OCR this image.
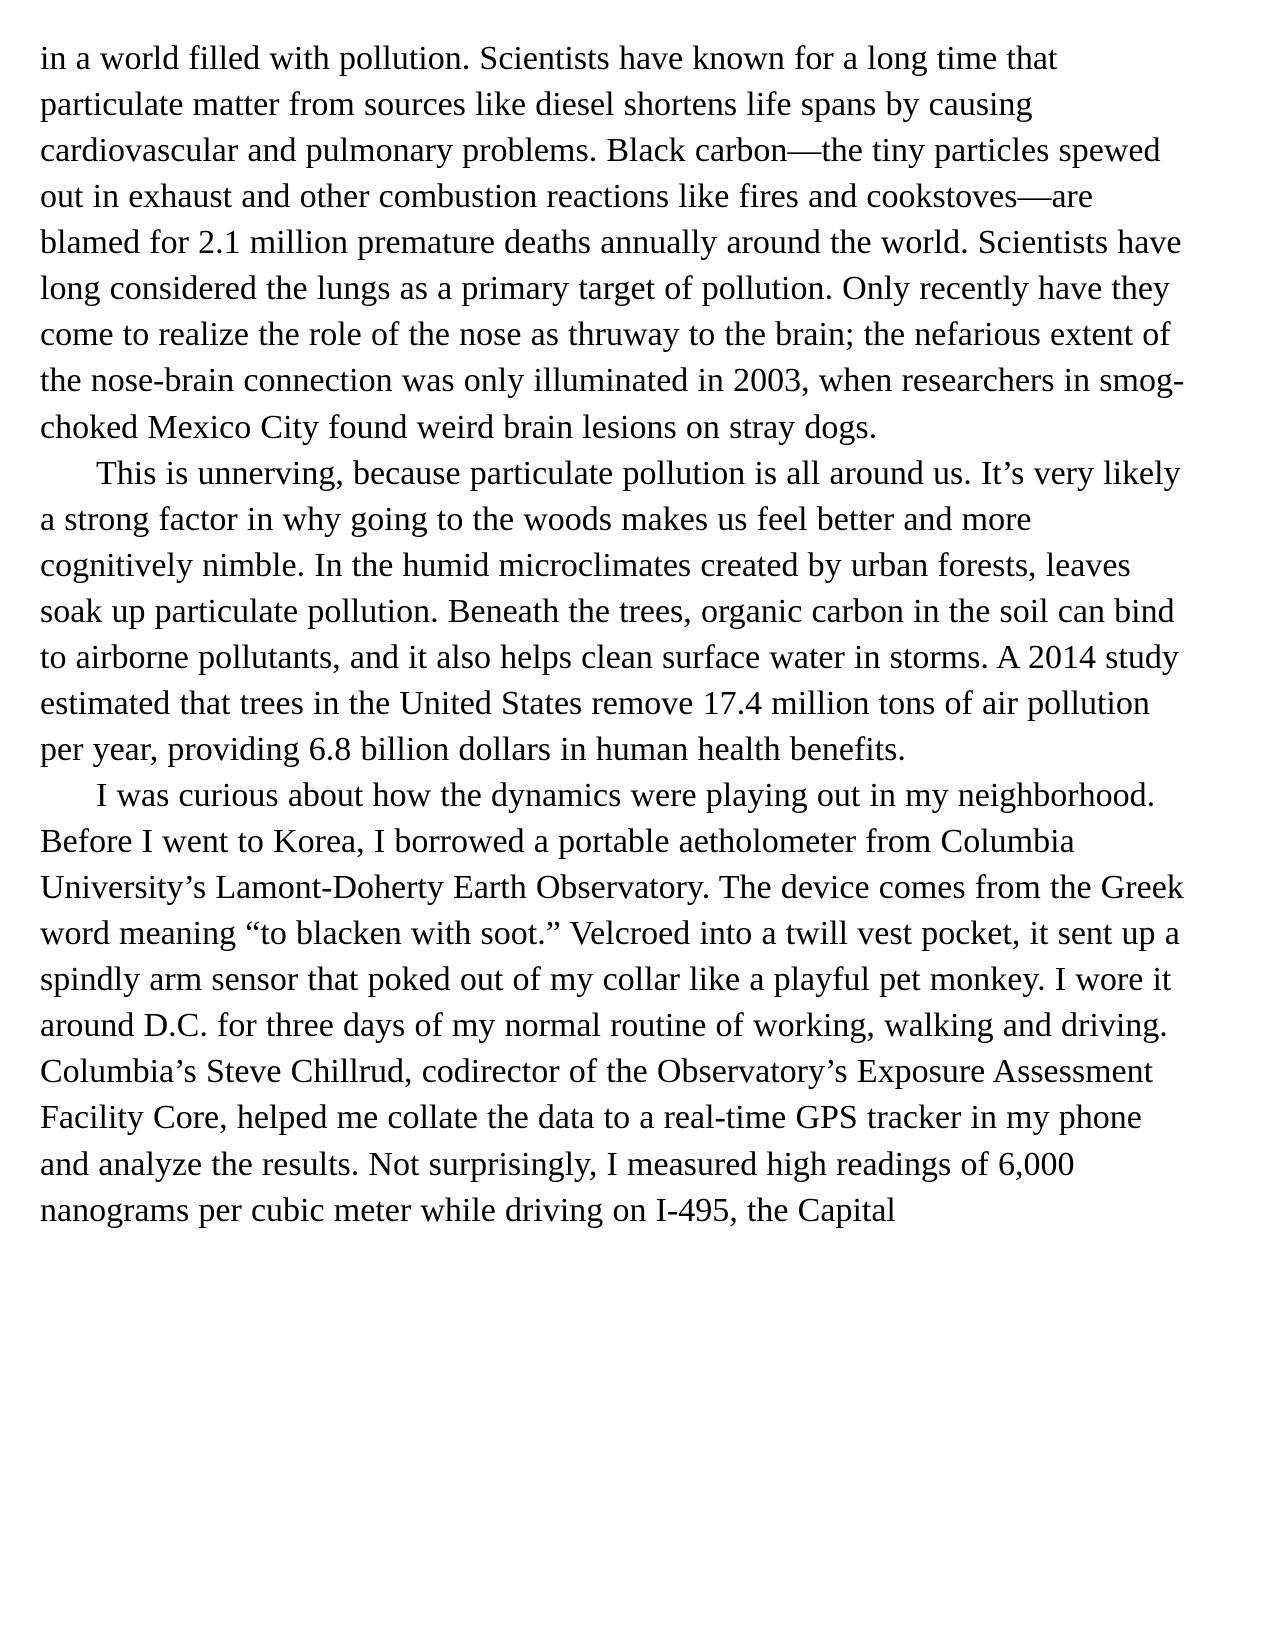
in a world filled with pollution. Scientists have known for a long time that particulate matter from sources like diesel shortens life spans by causing cardiovascular and pulmonary problems. Black carbon—the tiny particles spewed out in exhaust and other combustion reactions like fires and cookstoves—are blamed for 2.1 million premature deaths annually around the world. Scientists have long considered the lungs as a primary target of pollution. Only recently have they come to realize the role of the nose as thruway to the brain; the nefarious extent of the nose-brain connection was only illuminated in 2003, when researchers in smog-choked Mexico City found weird brain lesions on stray dogs.

This is unnerving, because particulate pollution is all around us. It’s very likely a strong factor in why going to the woods makes us feel better and more cognitively nimble. In the humid microclimates created by urban forests, leaves soak up particulate pollution. Beneath the trees, organic carbon in the soil can bind to airborne pollutants, and it also helps clean surface water in storms. A 2014 study estimated that trees in the United States remove 17.4 million tons of air pollution per year, providing 6.8 billion dollars in human health benefits.

I was curious about how the dynamics were playing out in my neighborhood. Before I went to Korea, I borrowed a portable aetholometer from Columbia University’s Lamont-Doherty Earth Observatory. The device comes from the Greek word meaning “to blacken with soot.” Velcroed into a twill vest pocket, it sent up a spindly arm sensor that poked out of my collar like a playful pet monkey. I wore it around D.C. for three days of my normal routine of working, walking and driving. Columbia’s Steve Chillrud, codirector of the Observatory’s Exposure Assessment Facility Core, helped me collate the data to a real-time GPS tracker in my phone and analyze the results. Not surprisingly, I measured high readings of 6,000 nanograms per cubic meter while driving on I-495, the Capital
